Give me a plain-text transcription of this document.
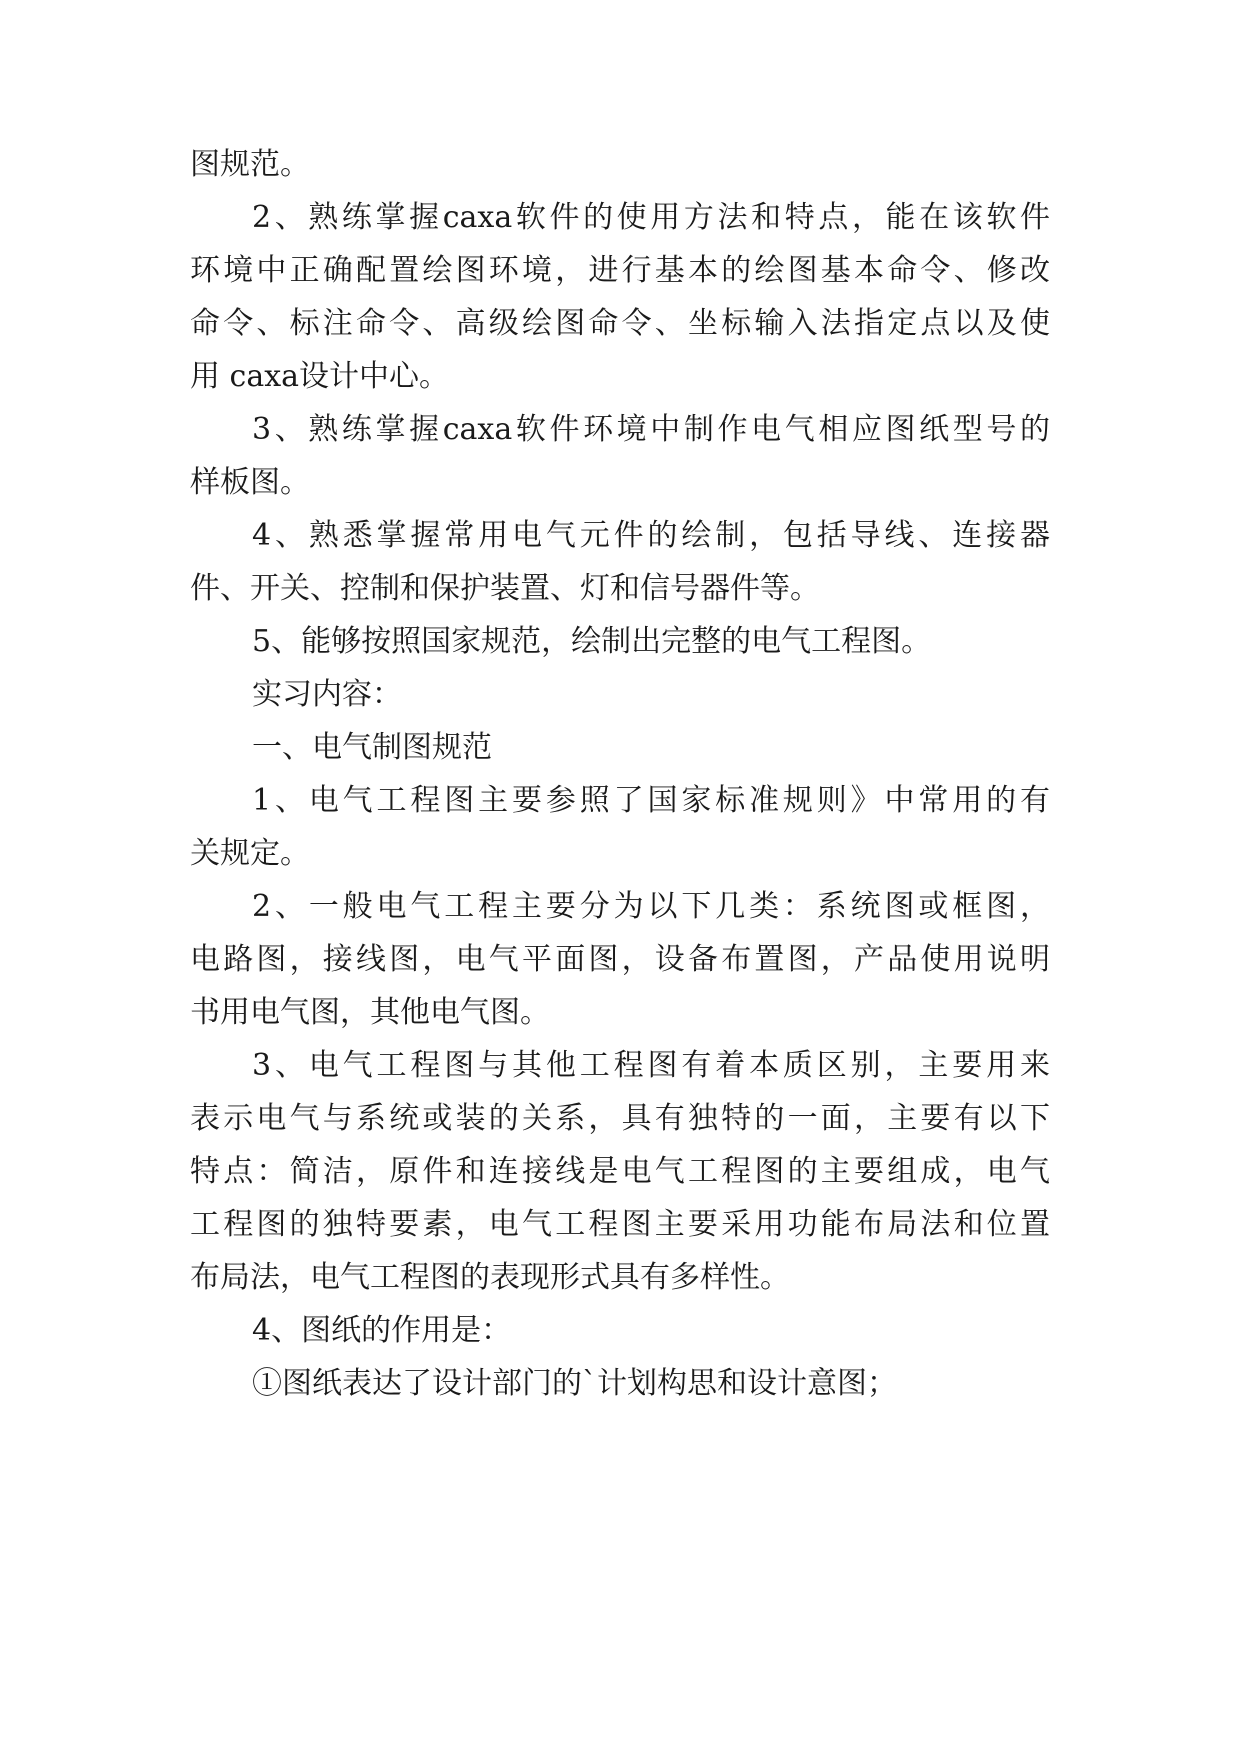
图规范。

2、熟练掌握caxa软件的使用方法和特点，能在该软件

环境中正确配置绘图环境，进行基本的绘图基本命令、修改

命令、标注命令、高级绘图命令、坐标输入法指定点以及使

用 caxa设计中心。

3、熟练掌握caxa软件环境中制作电气相应图纸型号的

样板图。

4、熟悉掌握常用电气元件的绘制，包括导线、连接器

件、开关、控制和保护装置、灯和信号器件等。

5、能够按照国家规范，绘制出完整的电气工程图。

实习内容：

一、电气制图规范

1、电气工程图主要参照了国家标准规则》中常用的有

关规定。

2、一般电气工程主要分为以下几类：系统图或框图，

电路图，接线图，电气平面图，设备布置图，产品使用说明

书用电气图，其他电气图。

3、电气工程图与其他工程图有着本质区别，主要用来

表示电气与系统或装的关系，具有独特的一面，主要有以下

特点：简洁，原件和连接线是电气工程图的主要组成，电气

工程图的独特要素，电气工程图主要采用功能布局法和位置

布局法，电气工程图的表现形式具有多样性。

4、图纸的作用是：

①图纸表达了设计部门的`计划构思和设计意图；
